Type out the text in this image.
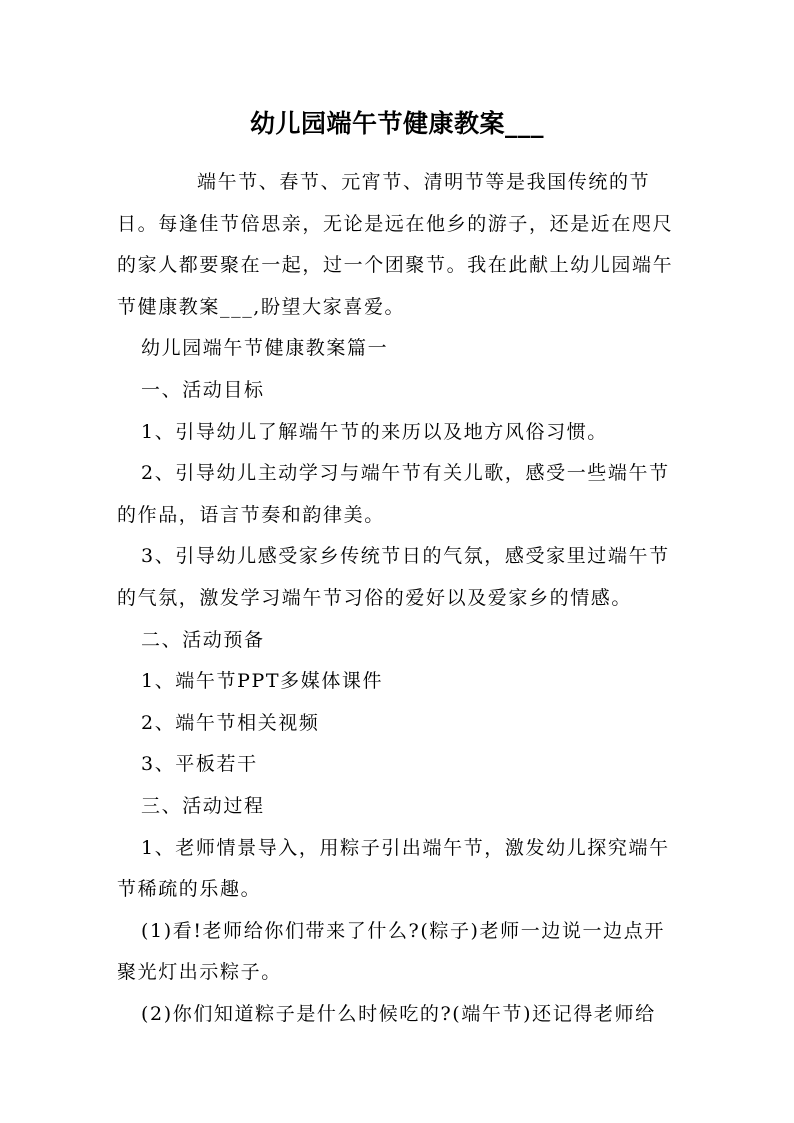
幼儿园端午节健康教案___

端午节、春节、元宵节、清明节等是我国传统的节日。每逢佳节倍思亲，无论是远在他乡的游子，还是近在咫尺的家人都要聚在一起，过一个团聚节。我在此献上幼儿园端午节健康教案___,盼望大家喜爱。

幼儿园端午节健康教案篇一

一、活动目标

1、引导幼儿了解端午节的来历以及地方风俗习惯。

2、引导幼儿主动学习与端午节有关儿歌，感受一些端午节的作品，语言节奏和韵律美。

3、引导幼儿感受家乡传统节日的气氛，感受家里过端午节的气氛，激发学习端午节习俗的爱好以及爱家乡的情感。

二、活动预备

1、端午节PPT多媒体课件

2、端午节相关视频

3、平板若干

三、活动过程

1、老师情景导入，用粽子引出端午节，激发幼儿探究端午节稀疏的乐趣。

(1)看!老师给你们带来了什么?(粽子)老师一边说一边点开聚光灯出示粽子。

(2)你们知道粽子是什么时候吃的?(端午节)还记得老师给
